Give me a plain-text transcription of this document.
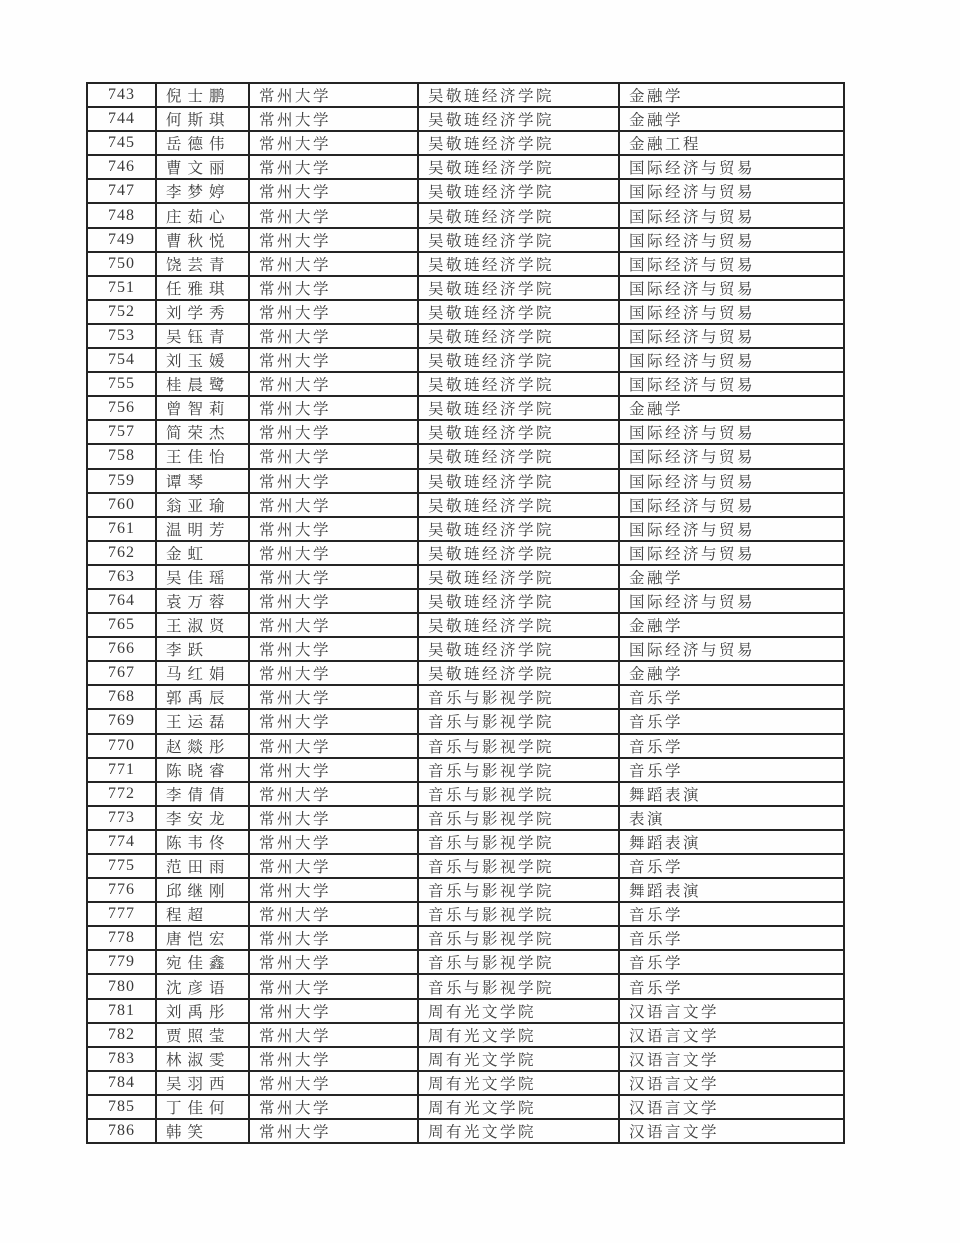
743	倪士鹏	常州大学	吴敬琏经济学院	金融学
744	何斯琪	常州大学	吴敬琏经济学院	金融学
745	岳德伟	常州大学	吴敬琏经济学院	金融工程
746	曹文丽	常州大学	吴敬琏经济学院	国际经济与贸易
747	李梦婷	常州大学	吴敬琏经济学院	国际经济与贸易
748	庄茹心	常州大学	吴敬琏经济学院	国际经济与贸易
749	曹秋悦	常州大学	吴敬琏经济学院	国际经济与贸易
750	饶芸青	常州大学	吴敬琏经济学院	国际经济与贸易
751	任雅琪	常州大学	吴敬琏经济学院	国际经济与贸易
752	刘学秀	常州大学	吴敬琏经济学院	国际经济与贸易
753	吴钰青	常州大学	吴敬琏经济学院	国际经济与贸易
754	刘玉媛	常州大学	吴敬琏经济学院	国际经济与贸易
755	桂晨鹭	常州大学	吴敬琏经济学院	国际经济与贸易
756	曾智莉	常州大学	吴敬琏经济学院	金融学
757	简荣杰	常州大学	吴敬琏经济学院	国际经济与贸易
758	王佳怡	常州大学	吴敬琏经济学院	国际经济与贸易
759	谭琴	常州大学	吴敬琏经济学院	国际经济与贸易
760	翁亚瑜	常州大学	吴敬琏经济学院	国际经济与贸易
761	温明芳	常州大学	吴敬琏经济学院	国际经济与贸易
762	金虹	常州大学	吴敬琏经济学院	国际经济与贸易
763	吴佳瑶	常州大学	吴敬琏经济学院	金融学
764	袁万蓉	常州大学	吴敬琏经济学院	国际经济与贸易
765	王淑贤	常州大学	吴敬琏经济学院	金融学
766	李跃	常州大学	吴敬琏经济学院	国际经济与贸易
767	马红娟	常州大学	吴敬琏经济学院	金融学
768	郭禹辰	常州大学	音乐与影视学院	音乐学
769	王运磊	常州大学	音乐与影视学院	音乐学
770	赵燚彤	常州大学	音乐与影视学院	音乐学
771	陈晓睿	常州大学	音乐与影视学院	音乐学
772	李倩倩	常州大学	音乐与影视学院	舞蹈表演
773	李安龙	常州大学	音乐与影视学院	表演
774	陈韦佟	常州大学	音乐与影视学院	舞蹈表演
775	范田雨	常州大学	音乐与影视学院	音乐学
776	邱继刚	常州大学	音乐与影视学院	舞蹈表演
777	程超	常州大学	音乐与影视学院	音乐学
778	唐恺宏	常州大学	音乐与影视学院	音乐学
779	宛佳鑫	常州大学	音乐与影视学院	音乐学
780	沈彦语	常州大学	音乐与影视学院	音乐学
781	刘禹彤	常州大学	周有光文学院	汉语言文学
782	贾照莹	常州大学	周有光文学院	汉语言文学
783	林淑雯	常州大学	周有光文学院	汉语言文学
784	吴羽西	常州大学	周有光文学院	汉语言文学
785	丁佳何	常州大学	周有光文学院	汉语言文学
786	韩笑	常州大学	周有光文学院	汉语言文学
